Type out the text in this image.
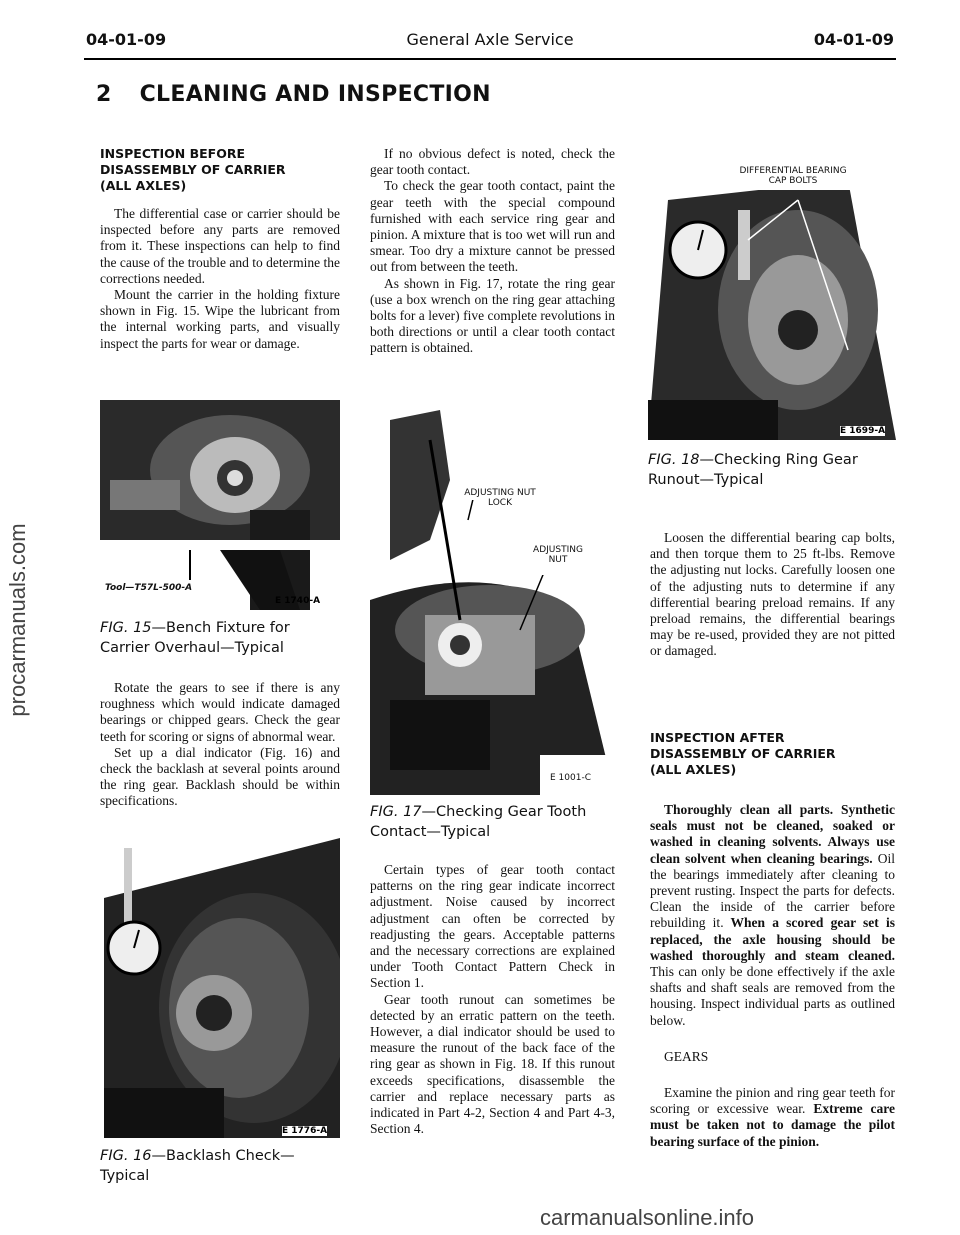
procarmanuals.com
04-01-09	General Axle Service	04-01-09
2 CLEANING AND INSPECTION
INSPECTION BEFORE
DISASSEMBLY OF CARRIER
(ALL AXLES)

The differential case or carrier should be inspected before any parts are removed from it. These inspections can help to find the cause of the trouble and to determine the corrections needed.

Mount the carrier in the holding fixture shown in Fig. 15. Wipe the lubricant from the internal working parts, and visually inspect the parts for wear or damage.

Tool—T57L-500-A
E 1740-A
FIG. 15—Bench Fixture for Carrier Overhaul—Typical

Rotate the gears to see if there is any roughness which would indicate damaged bearings or chipped gears. Check the gear teeth for scoring or signs of abnormal wear.

Set up a dial indicator (Fig. 16) and check the backlash at several points around the ring gear. Backlash should be within specifications.

E 1776-A
FIG. 16—Backlash Check—Typical

If no obvious defect is noted, check the gear tooth contact.

To check the gear tooth contact, paint the gear teeth with the special compound furnished with each service ring gear and pinion. A mixture that is too wet will run and smear. Too dry a mixture cannot be pressed out from between the teeth.

As shown in Fig. 17, rotate the ring gear (use a box wrench on the ring gear attaching bolts for a lever) five complete revolutions in both directions or until a clear tooth contact pattern is obtained.

ADJUSTING NUT
LOCK
ADJUSTING
NUT
E 1001-C
FIG. 17—Checking Gear Tooth Contact—Typical

Certain types of gear tooth contact patterns on the ring gear indicate incorrect adjustment. Noise caused by incorrect adjustment can often be corrected by readjusting the gears. Acceptable patterns and the necessary corrections are explained under Tooth Contact Pattern Check in Section 1.

Gear tooth runout can sometimes be detected by an erratic pattern on the teeth. However, a dial indicator should be used to measure the runout of the back face of the ring gear as shown in Fig. 18. If this runout exceeds specifications, disassemble the carrier and replace necessary parts as indicated in Part 4-2, Section 4 and Part 4-3, Section 4.

DIFFERENTIAL BEARING
CAP BOLTS
E 1699-A
FIG. 18—Checking Ring Gear Runout—Typical

Loosen the differential bearing cap bolts, and then torque them to 25 ft-lbs. Remove the adjusting nut locks. Carefully loosen one of the adjusting nuts to determine if any differential bearing preload remains. If any preload remains, the differential bearings may be re-used, provided they are not pitted or damaged.

INSPECTION AFTER
DISASSEMBLY OF CARRIER
(ALL AXLES)

Thoroughly clean all parts. Synthetic seals must not be cleaned, soaked or washed in cleaning solvents. Always use clean solvent when cleaning bearings. Oil the bearings immediately after cleaning to prevent rusting. Inspect the parts for defects. Clean the inside of the carrier before rebuilding it. When a scored gear set is replaced, the axle housing should be washed thoroughly and steam cleaned. This can only be done effectively if the axle shafts and shaft seals are removed from the housing. Inspect individual parts as outlined below.

GEARS

Examine the pinion and ring gear teeth for scoring or excessive wear. Extreme care must be taken not to damage the pilot bearing surface of the pinion.

carmanualsonline.info
